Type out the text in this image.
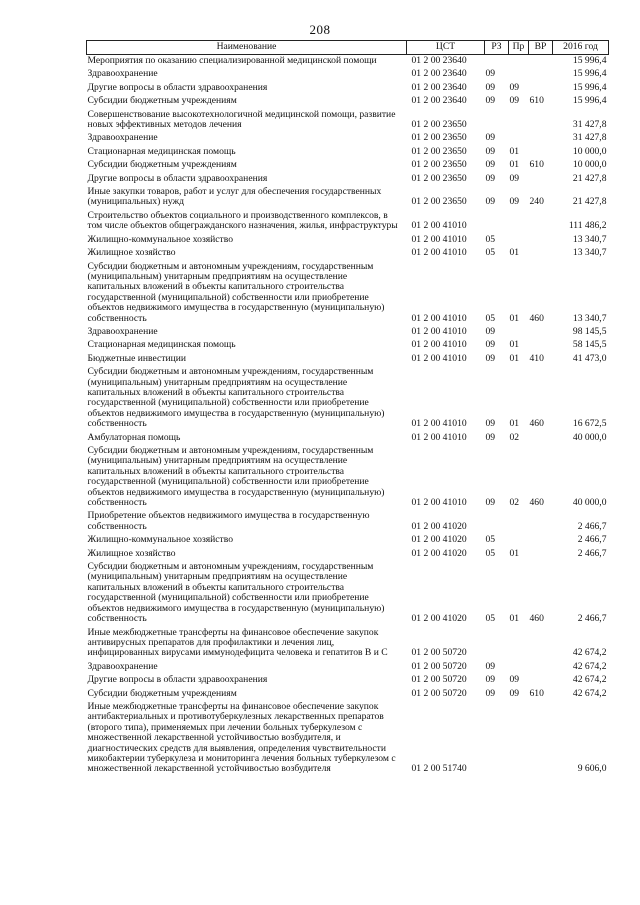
208
Наименование	ЦСТ	РЗ	Пр	ВР	2016 год
Мероприятия по оказанию специализированной медицинской помощи	01 2 00 23640				15 996,4
Здравоохранение	01 2 00 23640	09			15 996,4
Другие вопросы в области здравоохранения	01 2 00 23640	09	09		15 996,4
Субсидии бюджетным учреждениям	01 2 00 23640	09	09	610	15 996,4
Совершенствование высокотехнологичной медицинской помощи, развитие новых эффективных методов лечения	01 2 00 23650				31 427,8
Здравоохранение	01 2 00 23650	09			31 427,8
Стационарная медицинская помощь	01 2 00 23650	09	01		10 000,0
Субсидии бюджетным учреждениям	01 2 00 23650	09	01	610	10 000,0
Другие вопросы в области здравоохранения	01 2 00 23650	09	09		21 427,8
Иные закупки товаров, работ и услуг для обеспечения государственных (муниципальных) нужд	01 2 00 23650	09	09	240	21 427,8
Строительство объектов социального и производственного комплексов, в том числе объектов общегражданского назначения, жилья, инфраструктуры	01 2 00 41010				111 486,2
Жилищно-коммунальное хозяйство	01 2 00 41010	05			13 340,7
Жилищное хозяйство	01 2 00 41010	05	01		13 340,7
Субсидии бюджетным и автономным учреждениям, государственным (муниципальным) унитарным предприятиям на осуществление капитальных вложений в объекты капитального строительства государственной (муниципальной) собственности или приобретение объектов недвижимого имущества в государственную (муниципальную) собственность	01 2 00 41010	05	01	460	13 340,7
Здравоохранение	01 2 00 41010	09			98 145,5
Стационарная медицинская помощь	01 2 00 41010	09	01		58 145,5
Бюджетные инвестиции	01 2 00 41010	09	01	410	41 473,0
Субсидии бюджетным и автономным учреждениям, государственным (муниципальным) унитарным предприятиям на осуществление капитальных вложений в объекты капитального строительства государственной (муниципальной) собственности или приобретение объектов недвижимого имущества в государственную (муниципальную) собственность	01 2 00 41010	09	01	460	16 672,5
Амбулаторная помощь	01 2 00 41010	09	02		40 000,0
Субсидии бюджетным и автономным учреждениям, государственным (муниципальным) унитарным предприятиям на осуществление капитальных вложений в объекты капитального строительства государственной (муниципальной) собственности или приобретение объектов недвижимого имущества в государственную (муниципальную) собственность	01 2 00 41010	09	02	460	40 000,0
Приобретение объектов недвижимого имущества в государственную собственность	01 2 00 41020				2 466,7
Жилищно-коммунальное хозяйство	01 2 00 41020	05			2 466,7
Жилищное хозяйство	01 2 00 41020	05	01		2 466,7
Субсидии бюджетным и автономным учреждениям, государственным (муниципальным) унитарным предприятиям на осуществление капитальных вложений в объекты капитального строительства государственной (муниципальной) собственности или приобретение объектов недвижимого имущества в государственную (муниципальную) собственность	01 2 00 41020	05	01	460	2 466,7
Иные межбюджетные трансферты на финансовое обеспечение закупок антивирусных препаратов для профилактики и лечения лиц, инфицированных вирусами иммунодефицита человека и гепатитов В и С	01 2 00 50720				42 674,2
Здравоохранение	01 2 00 50720	09			42 674,2
Другие вопросы в области здравоохранения	01 2 00 50720	09	09		42 674,2
Субсидии бюджетным учреждениям	01 2 00 50720	09	09	610	42 674,2
Иные межбюджетные трансферты на финансовое обеспечение закупок антибактериальных и противотуберкулезных лекарственных препаратов (второго типа), применяемых при лечении больных туберкулезом с множественной лекарственной устойчивостью возбудителя, и диагностических средств для выявления, определения чувствительности микобактерии туберкулеза и мониторинга лечения больных туберкулезом с множественной лекарственной устойчивостью возбудителя	01 2 00 51740				9 606,0
